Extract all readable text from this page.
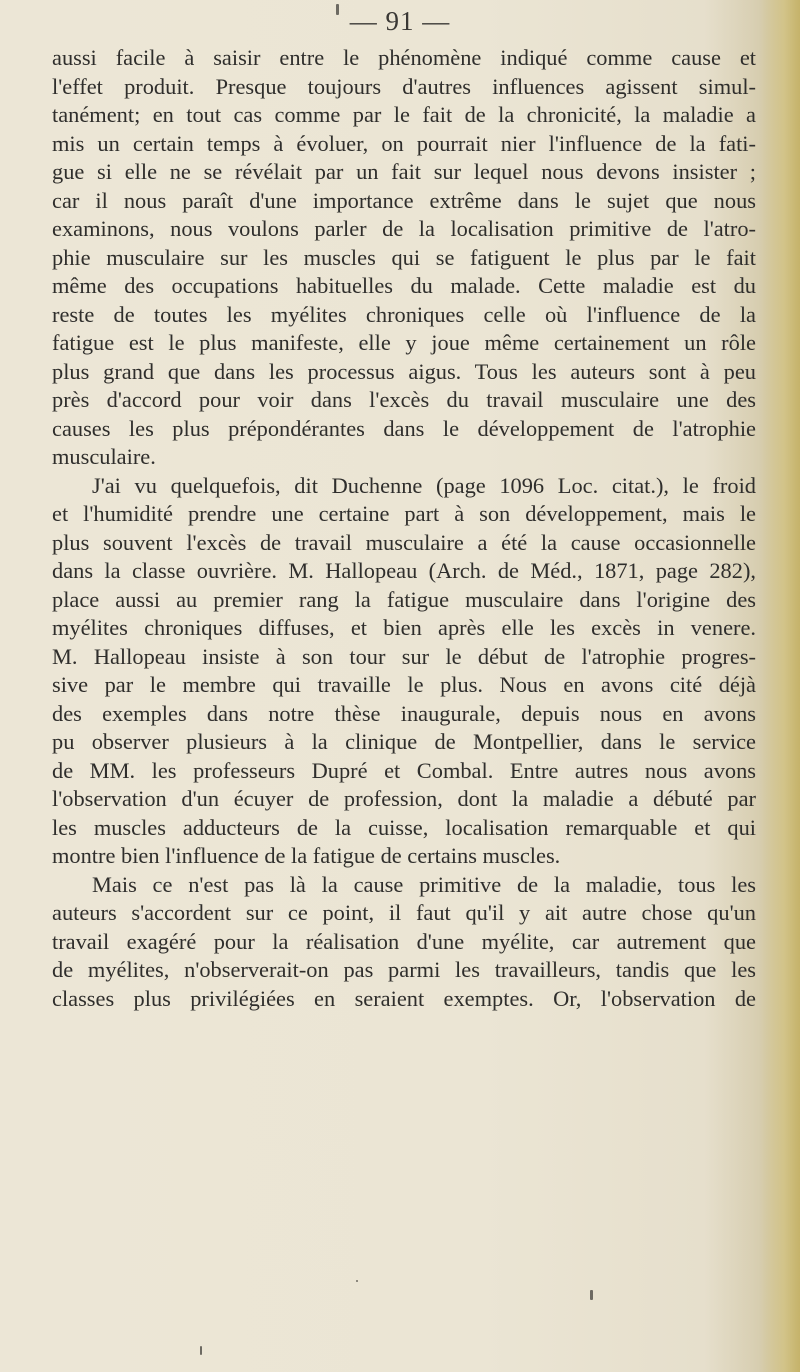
— 91 —
aussi facile à saisir entre le phénomène indiqué comme cause et
l'effet produit. Presque toujours d'autres influences agissent simul-
tanément; en tout cas comme par le fait de la chronicité, la maladie a
mis un certain temps à évoluer, on pourrait nier l'influence de la fati-
gue si elle ne se révélait par un fait sur lequel nous devons insister ;
car il nous paraît d'une importance extrême dans le sujet que nous
examinons, nous voulons parler de la localisation primitive de l'atro-
phie musculaire sur les muscles qui se fatiguent le plus par le fait
même des occupations habituelles du malade. Cette maladie est du
reste de toutes les myélites chroniques celle où l'influence de la
fatigue est le plus manifeste, elle y joue même certainement un rôle
plus grand que dans les processus aigus. Tous les auteurs sont à peu
près d'accord pour voir dans l'excès du travail musculaire une des
causes les plus prépondérantes dans le développement de l'atrophie
musculaire.
J'ai vu quelquefois, dit Duchenne (page 1096 Loc. citat.), le froid
et l'humidité prendre une certaine part à son développement, mais le
plus souvent l'excès de travail musculaire a été la cause occasionnelle
dans la classe ouvrière. M. Hallopeau (Arch. de Méd., 1871, page 282),
place aussi au premier rang la fatigue musculaire dans l'origine des
myélites chroniques diffuses, et bien après elle les excès in venere.
M. Hallopeau insiste à son tour sur le début de l'atrophie progres-
sive par le membre qui travaille le plus. Nous en avons cité déjà
des exemples dans notre thèse inaugurale, depuis nous en avons
pu observer plusieurs à la clinique de Montpellier, dans le service
de MM. les professeurs Dupré et Combal. Entre autres nous avons
l'observation d'un écuyer de profession, dont la maladie a débuté par
les muscles adducteurs de la cuisse, localisation remarquable et qui
montre bien l'influence de la fatigue de certains muscles.
Mais ce n'est pas là la cause primitive de la maladie, tous les
auteurs s'accordent sur ce point, il faut qu'il y ait autre chose qu'un
travail exagéré pour la réalisation d'une myélite, car autrement que
de myélites, n'observerait-on pas parmi les travailleurs, tandis que les
classes plus privilégiées en seraient exemptes. Or, l'observation de
